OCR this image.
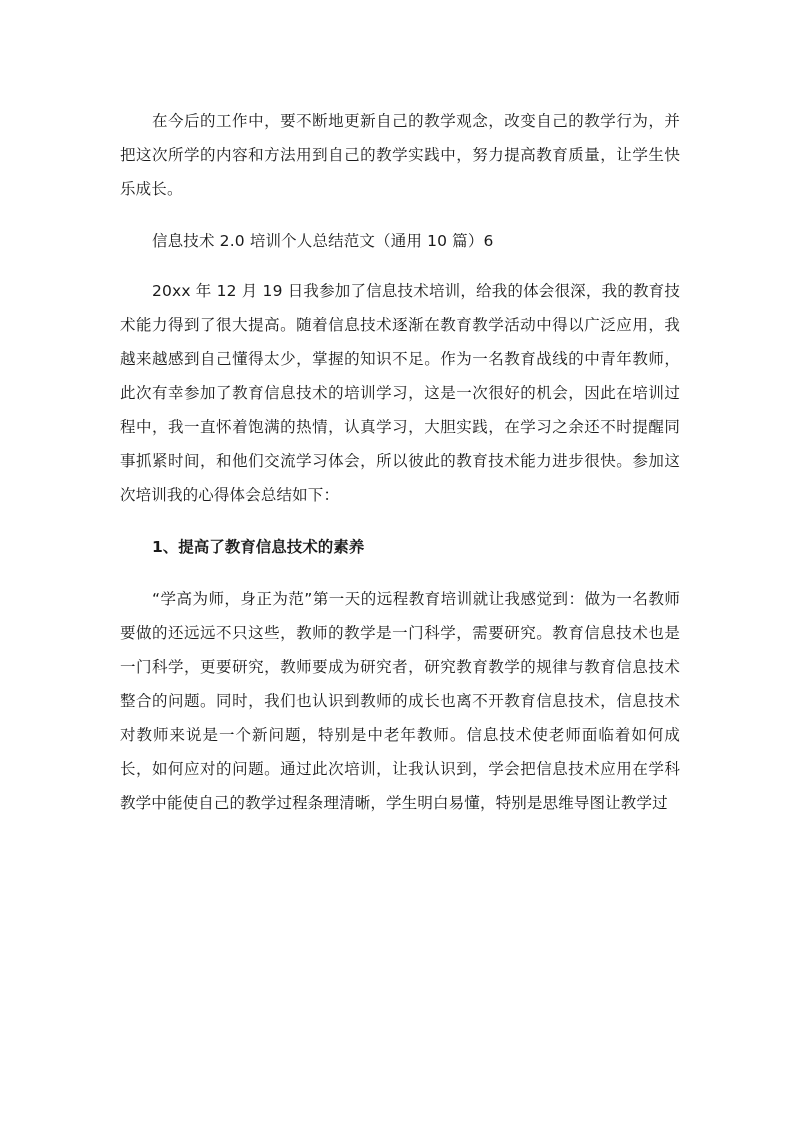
在今后的工作中，要不断地更新自己的教学观念，改变自己的教学行为，并把这次所学的内容和方法用到自己的教学实践中，努力提高教育质量，让学生快乐成长。

信息技术 2.0 培训个人总结范文（通用 10 篇）6

20xx 年 12 月 19 日我参加了信息技术培训，给我的体会很深，我的教育技术能力得到了很大提高。随着信息技术逐渐在教育教学活动中得以广泛应用，我越来越感到自己懂得太少，掌握的知识不足。作为一名教育战线的中青年教师，此次有幸参加了教育信息技术的培训学习，这是一次很好的机会，因此在培训过程中，我一直怀着饱满的热情，认真学习，大胆实践，在学习之余还不时提醒同事抓紧时间，和他们交流学习体会，所以彼此的教育技术能力进步很快。参加这次培训我的心得体会总结如下：

1、提高了教育信息技术的素养

“学高为师，身正为范”第一天的远程教育培训就让我感觉到：做为一名教师要做的还远远不只这些，教师的教学是一门科学，需要研究。教育信息技术也是一门科学，更要研究，教师要成为研究者，研究教育教学的规律与教育信息技术整合的问题。同时，我们也认识到教师的成长也离不开教育信息技术，信息技术对教师来说是一个新问题，特别是中老年教师。信息技术使老师面临着如何成长，如何应对的问题。通过此次培训，让我认识到，学会把信息技术应用在学科教学中能使自己的教学过程条理清晰，学生明白易懂，特别是思维导图让教学过
